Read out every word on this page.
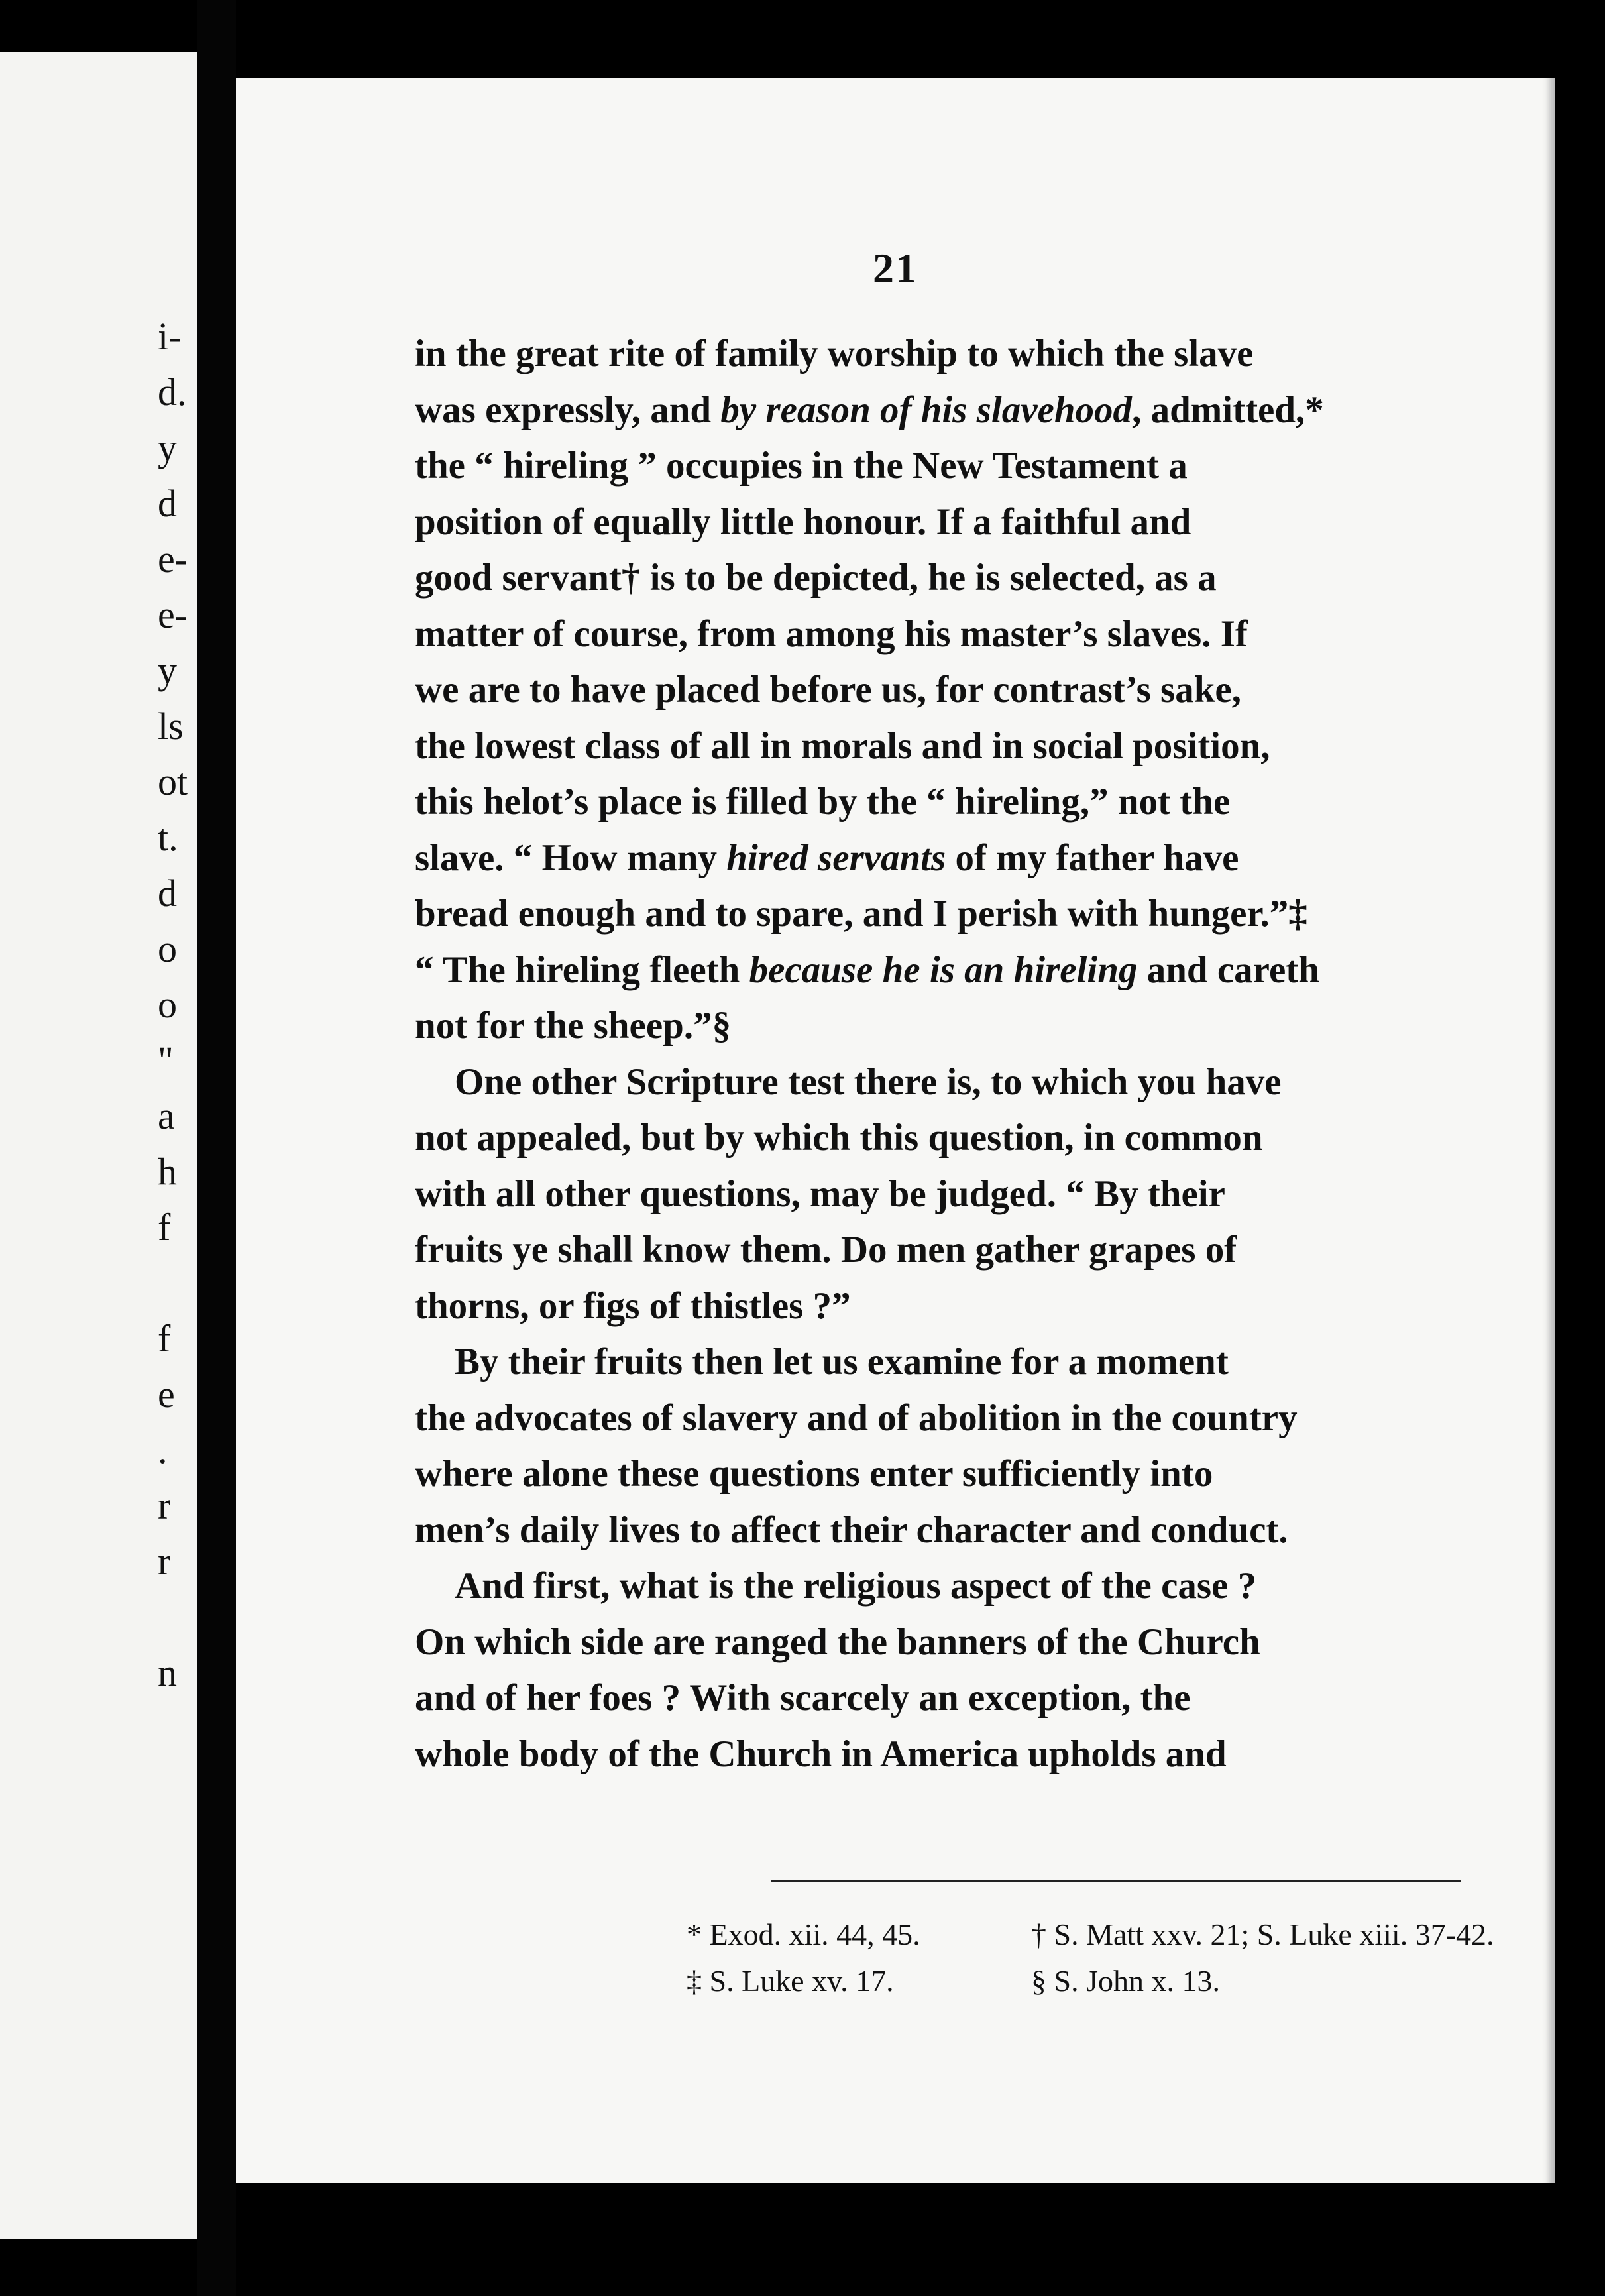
i-
d.
y
d
e-
e-
y
ls
ot
t.
d
o
o
"
a
h
f
f
e
.
r
r
n
21
in the great rite of family worship to which the slave
was expressly, and by reason of his slavehood, admitted,*
the “ hireling ” occupies in the New Testament a
position of equally little honour. If a faithful and
good servant† is to be depicted, he is selected, as a
matter of course, from among his master’s slaves. If
we are to have placed before us, for contrast’s sake,
the lowest class of all in morals and in social position,
this helot’s place is filled by the “ hireling,” not the
slave. “ How many hired servants of my father have
bread enough and to spare, and I perish with hunger.”‡
“ The hireling fleeth because he is an hireling and careth
not for the sheep.”§
One other Scripture test there is, to which you have
not appealed, but by which this question, in common
with all other questions, may be judged. “ By their
fruits ye shall know them. Do men gather grapes of
thorns, or figs of thistles ?”
By their fruits then let us examine for a moment
the advocates of slavery and of abolition in the country
where alone these questions enter sufficiently into
men’s daily lives to affect their character and conduct.
And first, what is the religious aspect of the case ?
On which side are ranged the banners of the Church
and of her foes ? With scarcely an exception, the
whole body of the Church in America upholds and
* Exod. xii. 44, 45.	† S. Matt xxv. 21; S. Luke xiii. 37-42.
‡ S. Luke xv. 17.	§ S. John x. 13.
